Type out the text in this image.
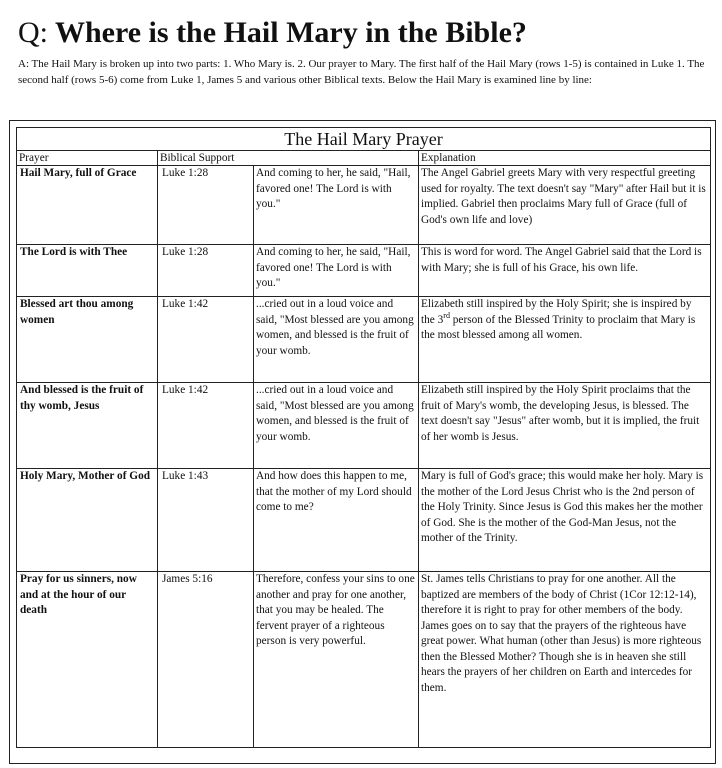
Q: Where is the Hail Mary in the Bible?

A: The Hail Mary is broken up into two parts: 1. Who Mary is. 2. Our prayer to Mary. The first half of the Hail Mary (rows 1-5) is contained in Luke 1. The second half (rows 5-6) come from Luke 1, James 5 and various other Biblical texts. Below the Hail Mary is examined line by line:

The Hail Mary Prayer			
Prayer	Biblical Support		Explanation
Hail Mary, full of Grace	Luke 1:28	And coming to her, he said, "Hail, favored one! The Lord is with you."	The Angel Gabriel greets Mary with very respectful greeting used for royalty. The text doesn't say "Mary" after Hail but it is implied. Gabriel then proclaims Mary full of Grace (full of God's own life and love)
The Lord is with Thee	Luke 1:28	And coming to her, he said, "Hail, favored one! The Lord is with you."	This is word for word. The Angel Gabriel said that the Lord is with Mary; she is full of his Grace, his own life.
Blessed art thou among women	Luke 1:42	...cried out in a loud voice and said, "Most blessed are you among women, and blessed is the fruit of your womb.	Elizabeth still inspired by the Holy Spirit; she is inspired by the 3rd person of the Blessed Trinity to proclaim that Mary is the most blessed among all women.
And blessed is the fruit of thy womb, Jesus	Luke 1:42	...cried out in a loud voice and said, "Most blessed are you among women, and blessed is the fruit of your womb.	Elizabeth still inspired by the Holy Spirit proclaims that the fruit of Mary's womb, the developing Jesus, is blessed. The text doesn't say "Jesus" after womb, but it is implied, the fruit of her womb is Jesus.
Holy Mary, Mother of God	Luke 1:43	And how does this happen to me, that the mother of my Lord should come to me?	Mary is full of God's grace; this would make her holy. Mary is the mother of the Lord Jesus Christ who is the 2nd person of the Holy Trinity. Since Jesus is God this makes her the mother of God. She is the mother of the God-Man Jesus, not the mother of the Trinity.
Pray for us sinners, now and at the hour of our death	James 5:16	Therefore, confess your sins to one another and pray for one another, that you may be healed. The fervent prayer of a righteous person is very powerful.	St. James tells Christians to pray for one another. All the baptized are members of the body of Christ (1Cor 12:12-14), therefore it is right to pray for other members of the body. James goes on to say that the prayers of the righteous have great power. What human (other than Jesus) is more righteous then the Blessed Mother? Though she is in heaven she still hears the prayers of her children on Earth and intercedes for them.
